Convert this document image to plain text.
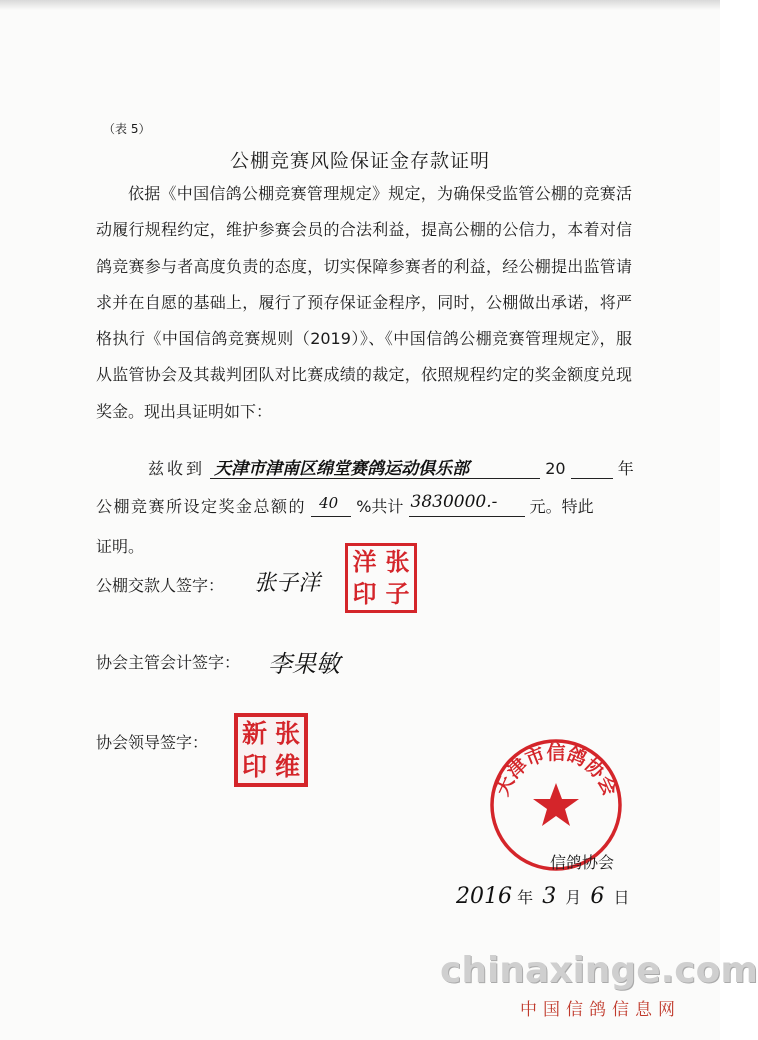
（表 5）
公棚竞赛风险保证金存款证明

依据《中国信鸽公棚竞赛管理规定》规定，为确保受监管公棚的竞赛活动履行规程约定，维护参赛会员的合法利益，提高公棚的公信力，本着对信鸽竞赛参与者高度负责的态度，切实保障参赛者的利益，经公棚提出监管请求并在自愿的基础上，履行了预存保证金程序，同时，公棚做出承诺，将严格执行《中国信鸽竞赛规则（2019）》、《中国信鸽公棚竞赛管理规定》，服从监管协会及其裁判团队对比赛成绩的裁定，依照规程约定的奖金额度兑现奖金。现出具证明如下：

兹收到 天津市津南区绵堂赛鸽运动俱乐部	20	年
公棚竞赛所设定奖金总额的 40 %共计 3830000.- 元。特此
证明。
公棚交款人签字： 张子洋
洋 张
印 子
协会主管会计签字： 李果敏
协会领导签字： 新 张
印 维
天津市信鸽协会
信鸽协会
2016 年 3 月 6 日
chinaxinge.com
中国信鸽信息网
